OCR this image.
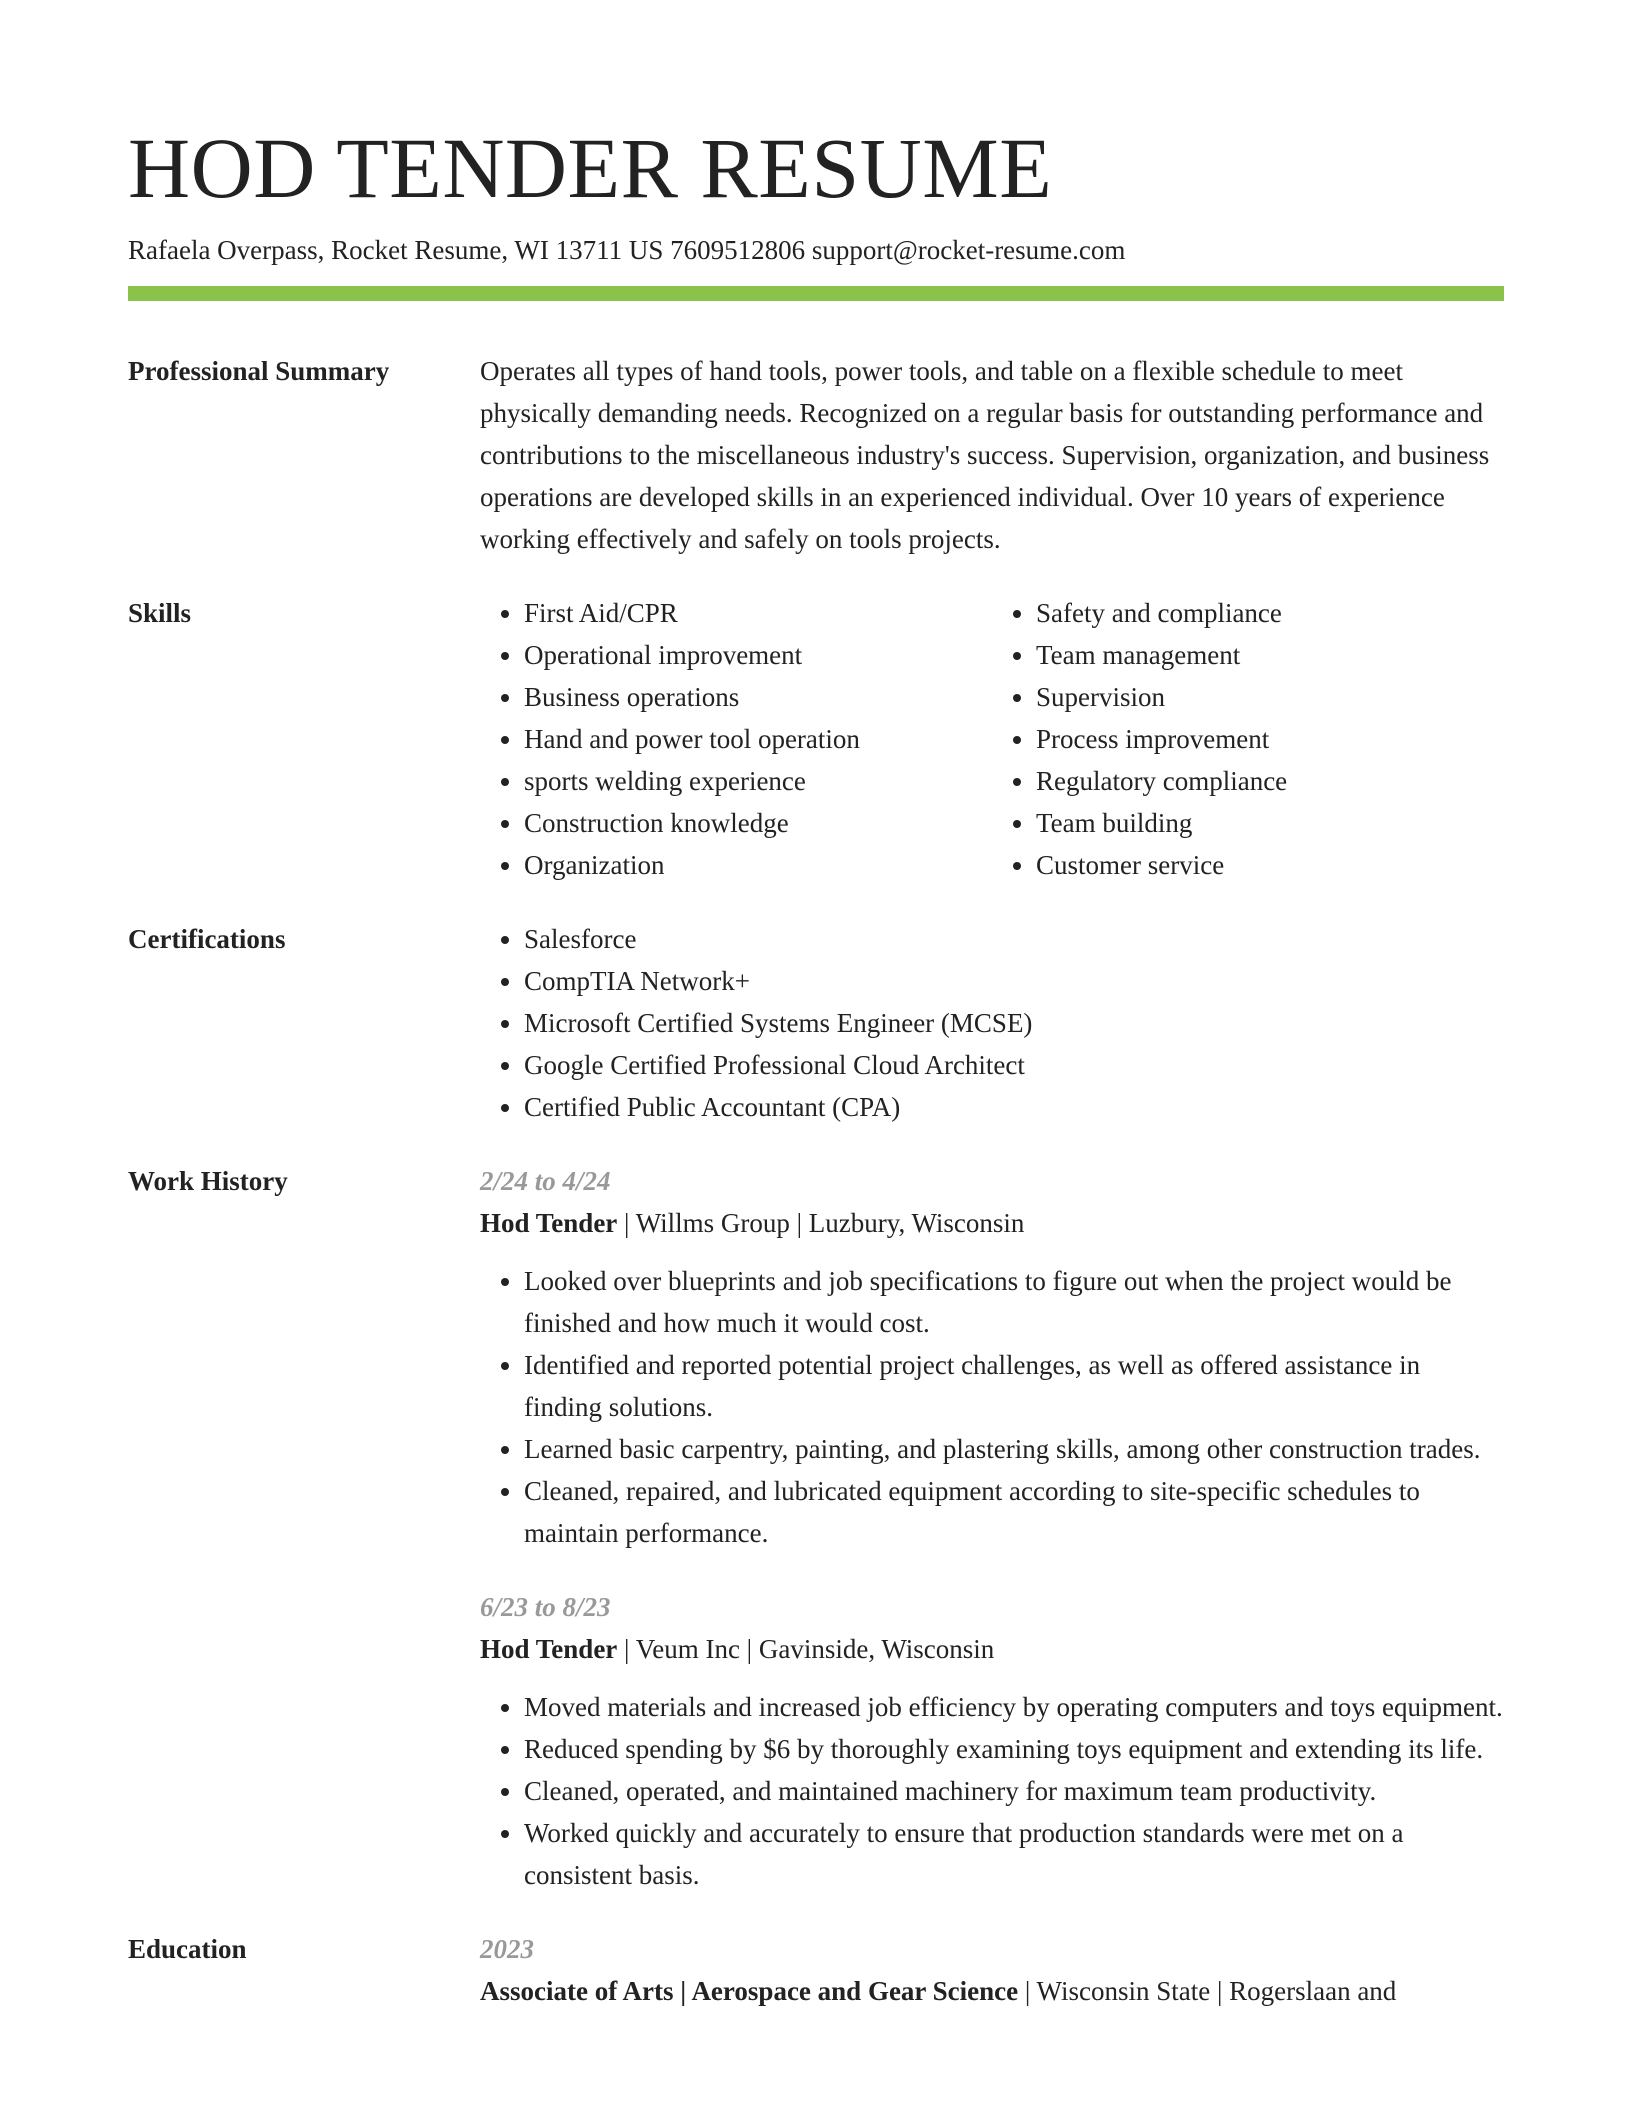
HOD TENDER RESUME
Rafaela Overpass, Rocket Resume, WI 13711 US 7609512806 support@rocket-resume.com
Professional Summary	Operates all types of hand tools, power tools, and table on a flexible schedule to meet physically demanding needs. Recognized on a regular basis for outstanding performance and contributions to the miscellaneous industry's success. Supervision, organization, and business operations are developed skills in an experienced individual. Over 10 years of experience working effectively and safely on tools projects.

Skills	• First Aid/CPR
• Operational improvement
• Business operations
• Hand and power tool operation
• sports welding experience
• Construction knowledge
• Organization
• Safety and compliance
• Team management
• Supervision
• Process improvement
• Regulatory compliance
• Team building
• Customer service
Certifications	• Salesforce
• CompTIA Network+
• Microsoft Certified Systems Engineer (MCSE)
• Google Certified Professional Cloud Architect
• Certified Public Accountant (CPA)
Work History	2/24 to 4/24
Hod Tender | Willms Group | Luzbury, Wisconsin
• Looked over blueprints and job specifications to figure out when the project would be finished and how much it would cost.
• Identified and reported potential project challenges, as well as offered assistance in finding solutions.
• Learned basic carpentry, painting, and plastering skills, among other construction trades.
• Cleaned, repaired, and lubricated equipment according to site-specific schedules to maintain performance.
6/23 to 8/23
Hod Tender | Veum Inc | Gavinside, Wisconsin
• Moved materials and increased job efficiency by operating computers and toys equipment.
• Reduced spending by $6 by thoroughly examining toys equipment and extending its life.
• Cleaned, operated, and maintained machinery for maximum team productivity.
• Worked quickly and accurately to ensure that production standards were met on a consistent basis.
Education	2023
Associate of Arts | Aerospace and Gear Science | Wisconsin State | Rogerslaan and
